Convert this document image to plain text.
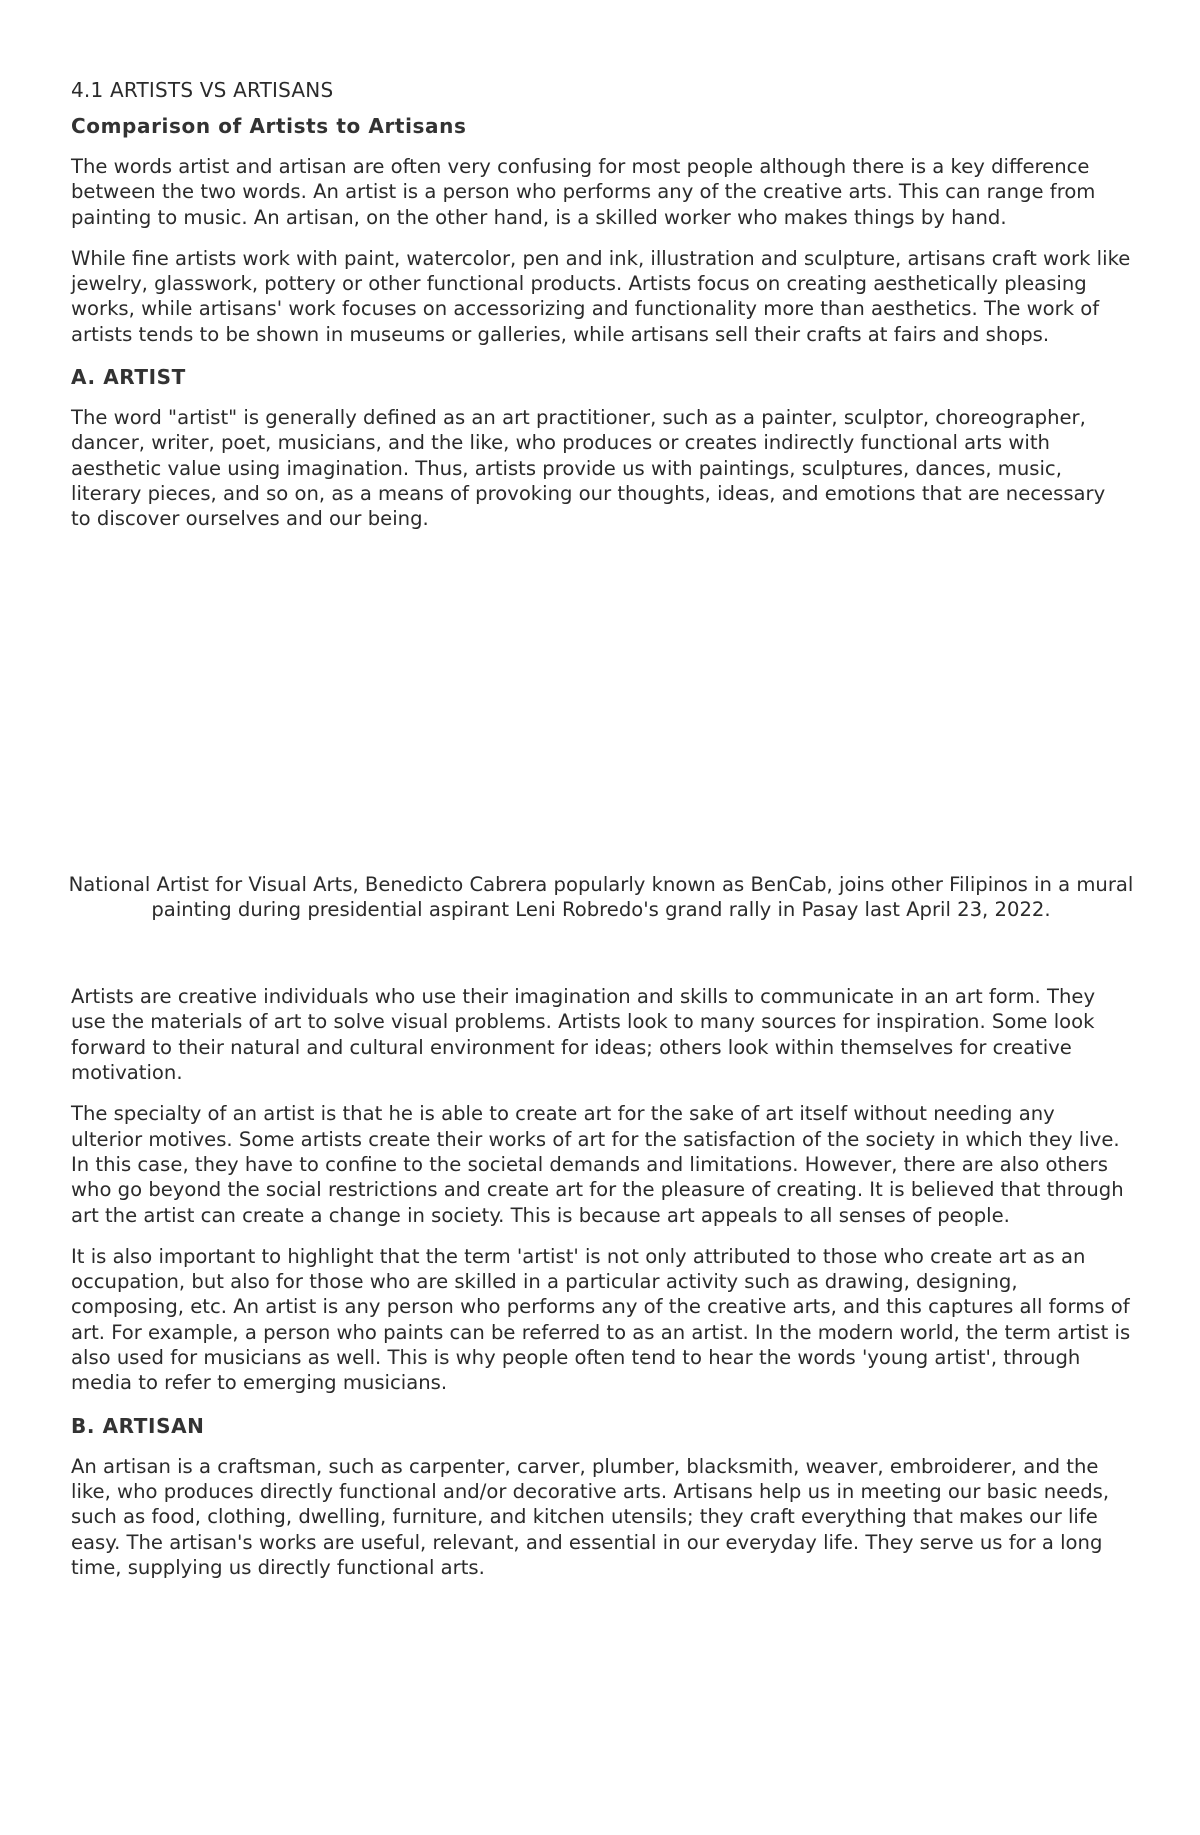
4.1 ARTISTS VS ARTISANS
Comparison of Artists to Artisans

The words artist and artisan are often very confusing for most people although there is a key difference between the two words. An artist is a person who performs any of the creative arts. This can range from painting to music. An artisan, on the other hand, is a skilled worker who makes things by hand.

While fine artists work with paint, watercolor, pen and ink, illustration and sculpture, artisans craft work like jewelry, glasswork, pottery or other functional products. Artists focus on creating aesthetically pleasing works, while artisans' work focuses on accessorizing and functionality more than aesthetics. The work of artists tends to be shown in museums or galleries, while artisans sell their crafts at fairs and shops.

A. ARTIST

The word "artist" is generally defined as an art practitioner, such as a painter, sculptor, choreographer, dancer, writer, poet, musicians, and the like, who produces or creates indirectly functional arts with aesthetic value using imagination. Thus, artists provide us with paintings, sculptures, dances, music, literary pieces, and so on, as a means of provoking our thoughts, ideas, and emotions that are necessary to discover ourselves and our being.

National Artist for Visual Arts, Benedicto Cabrera popularly known as BenCab, joins other Filipinos in a mural painting during presidential aspirant Leni Robredo's grand rally in Pasay last April 23, 2022.

Artists are creative individuals who use their imagination and skills to communicate in an art form. They use the materials of art to solve visual problems. Artists look to many sources for inspiration. Some look forward to their natural and cultural environment for ideas; others look within themselves for creative motivation.

The specialty of an artist is that he is able to create art for the sake of art itself without needing any ulterior motives. Some artists create their works of art for the satisfaction of the society in which they live. In this case, they have to confine to the societal demands and limitations. However, there are also others who go beyond the social restrictions and create art for the pleasure of creating. It is believed that through art the artist can create a change in society. This is because art appeals to all senses of people.

It is also important to highlight that the term 'artist' is not only attributed to those who create art as an occupation, but also for those who are skilled in a particular activity such as drawing, designing, composing, etc. An artist is any person who performs any of the creative arts, and this captures all forms of art. For example, a person who paints can be referred to as an artist. In the modern world, the term artist is also used for musicians as well. This is why people often tend to hear the words 'young artist', through media to refer to emerging musicians.

B. ARTISAN

An artisan is a craftsman, such as carpenter, carver, plumber, blacksmith, weaver, embroiderer, and the like, who produces directly functional and/or decorative arts. Artisans help us in meeting our basic needs, such as food, clothing, dwelling, furniture, and kitchen utensils; they craft everything that makes our life easy. The artisan's works are useful, relevant, and essential in our everyday life. They serve us for a long time, supplying us directly functional arts.
